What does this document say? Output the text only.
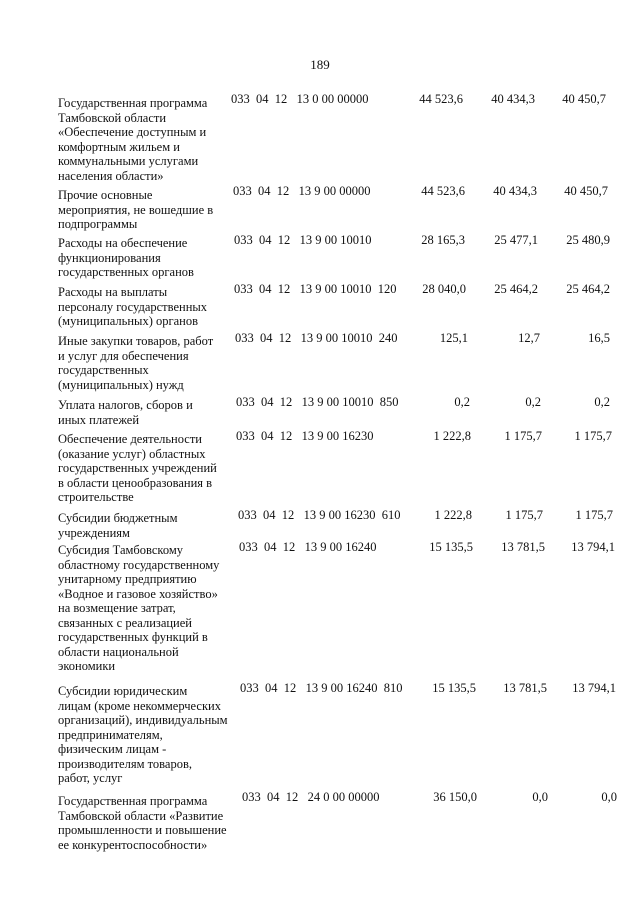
189
Государственная программа
Тамбовской области
«Обеспечение доступным и
комфортным жильем и
коммунальными услугами
населения области»
033  04  12   13 0 00 00000	44 523,6	40 434,3	40 450,7
Прочие основные
мероприятия, не вошедшие в
подпрограммы
033  04  12   13 9 00 00000	44 523,6	40 434,3	40 450,7
Расходы на обеспечение
функционирования
государственных органов
033  04  12   13 9 00 10010	28 165,3	25 477,1	25 480,9
Расходы на выплаты
персоналу государственных
(муниципальных) органов
033  04  12   13 9 00 10010  120	28 040,0	25 464,2	25 464,2
Иные закупки товаров, работ
и услуг для обеспечения
государственных
(муниципальных) нужд
033  04  12   13 9 00 10010  240	125,1	12,7	16,5
Уплата налогов, сборов и
иных платежей
033  04  12   13 9 00 10010  850	0,2	0,2	0,2
Обеспечение деятельности
(оказание услуг) областных
государственных учреждений
в области ценообразования в
строительстве
033  04  12   13 9 00 16230	1 222,8	1 175,7	1 175,7
Субсидии бюджетным
учреждениям
033  04  12   13 9 00 16230  610	1 222,8	1 175,7	1 175,7
Субсидия Тамбовскому
областному государственному
унитарному предприятию
«Водное и газовое хозяйство»
на возмещение затрат,
связанных с реализацией
государственных функций в
области национальной
экономики
033  04  12   13 9 00 16240	15 135,5	13 781,5	13 794,1
Субсидии юридическим
лицам (кроме некоммерческих
организаций), индивидуальным
предпринимателям,
физическим лицам -
производителям товаров,
работ, услуг
033  04  12   13 9 00 16240  810	15 135,5	13 781,5	13 794,1
Государственная программа
Тамбовской области «Развитие
промышленности и повышение
ее конкурентоспособности»
033  04  12   24 0 00 00000	36 150,0	0,0	0,0
